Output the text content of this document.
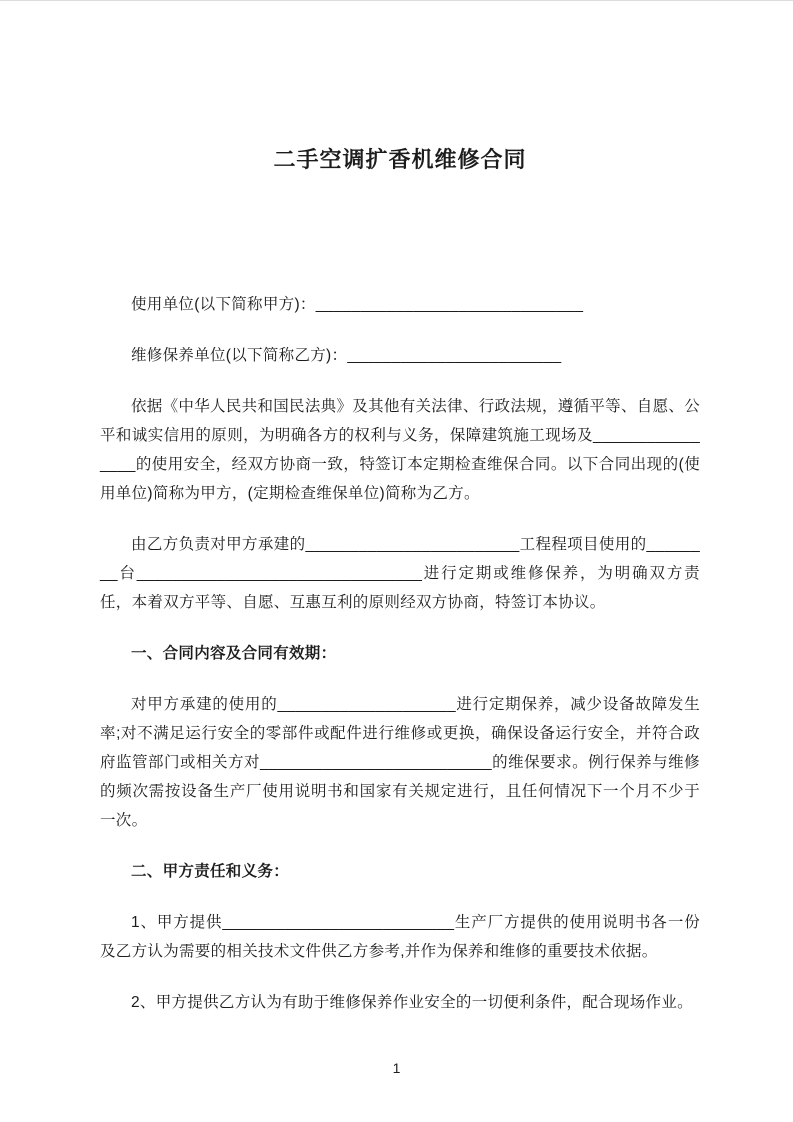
二手空调扩香机维修合同

使用单位(以下简称甲方)：______________________________

维修保养单位(以下简称乙方)：________________________

依据《中华人民共和国民法典》及其他有关法律、行政法规，遵循平等、自愿、公平和诚实信用的原则，为明确各方的权利与义务，保障建筑施工现场及________________的使用安全，经双方协商一致，特签订本定期检查维保合同。以下合同出现的(使用单位)简称为甲方，(定期检查维保单位)简称为乙方。

由乙方负责对甲方承建的________________________工程程项目使用的________台________________________________进行定期或维修保养，为明确双方责任，本着双方平等、自愿、互惠互利的原则经双方协商，特签订本协议。

一、合同内容及合同有效期：

对甲方承建的使用的____________________进行定期保养，减少设备故障发生率;对不满足运行安全的零部件或配件进行维修或更换，确保设备运行安全，并符合政府监管部门或相关方对__________________________的维保要求。例行保养与维修的频次需按设备生产厂使用说明书和国家有关规定进行，且任何情况下一个月不少于一次。

二、甲方责任和义务：

1、甲方提供__________________________生产厂方提供的使用说明书各一份及乙方认为需要的相关技术文件供乙方参考,并作为保养和维修的重要技术依据。

2、甲方提供乙方认为有助于维修保养作业安全的一切便利条件，配合现场作业。

1
